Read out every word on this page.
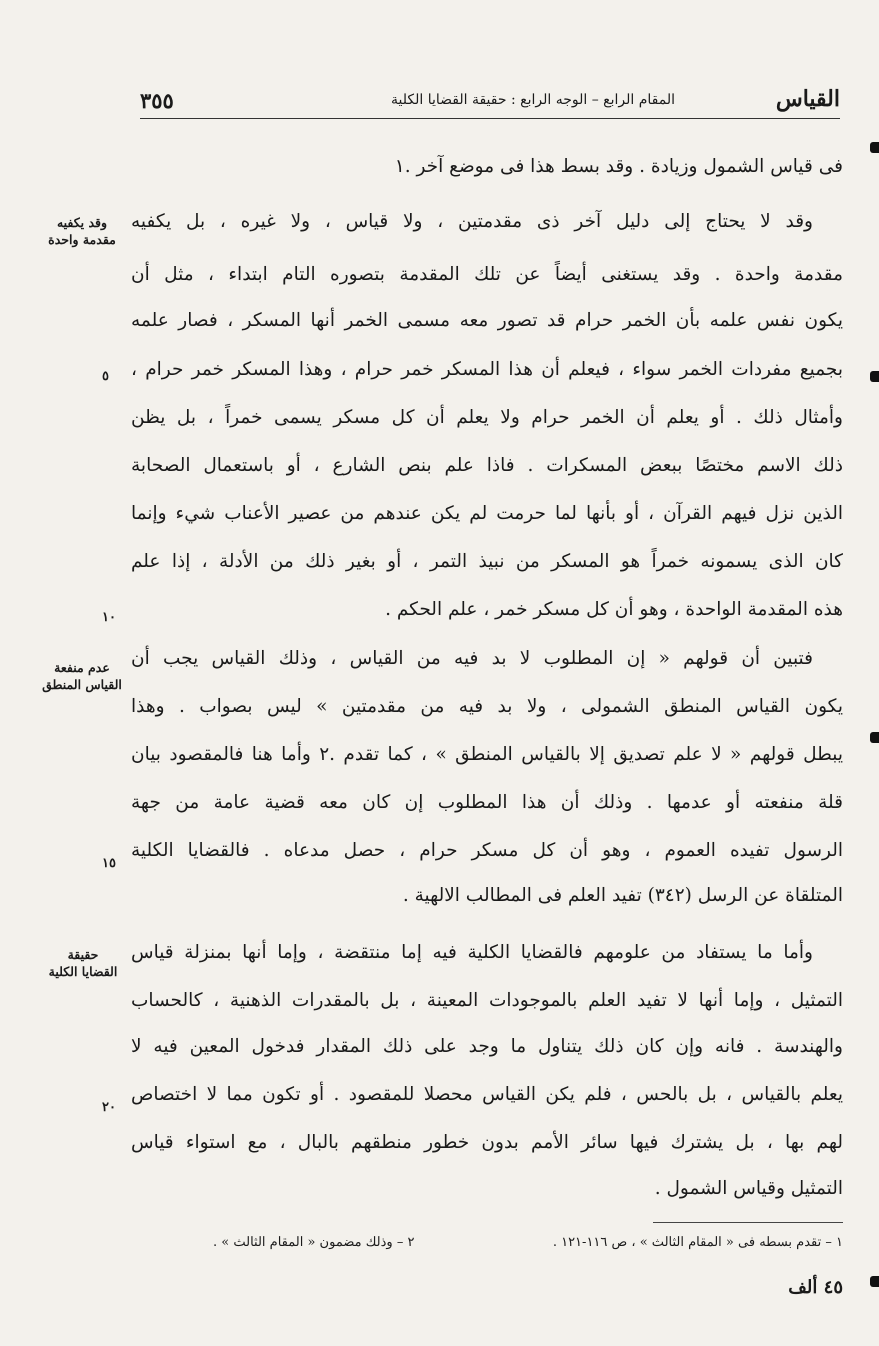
القياس
المقام الرابع – الوجه الرابع : حقيقة القضايا الكلية
٣٥٥
فى قياس الشمول وزيادة . وقد بسط هذا فى موضع آخر .١
وقد لا يحتاج إلى دليل آخر ذى مقدمتين ، ولا قياس ، ولا غيره ، بل يكفيه
مقدمة واحدة . وقد يستغنى أيضاً عن تلك المقدمة بتصوره التام ابتداء ، مثل أن
يكون نفس علمه بأن الخمر حرام قد تصور معه مسمى الخمر أنها المسكر ، فصار علمه
بجميع مفردات الخمر سواء ، فيعلم أن هذا المسكر خمر حرام ، وهذا المسكر خمر حرام ،
وأمثال ذلك . أو يعلم أن الخمر حرام ولا يعلم أن كل مسكر يسمى خمراً ، بل يظن
ذلك الاسم مختصًا ببعض المسكرات . فاذا علم بنص الشارع ، أو باستعمال الصحابة
الذين نزل فيهم القرآن ، أو بأنها لما حرمت لم يكن عندهم من عصير الأعناب شيء وإنما
كان الذى يسمونه خمراً هو المسكر من نبيذ التمر ، أو بغير ذلك من الأدلة ، إذا علم
هذه المقدمة الواحدة ، وهو أن كل مسكر خمر ، علم الحكم .
فتبين أن قولهم « إن المطلوب لا بد فيه من القياس ، وذلك القياس يجب أن
يكون القياس المنطق الشمولى ، ولا بد فيه من مقدمتين » ليس بصواب . وهذا
يبطل قولهم « لا علم تصديق إلا بالقياس المنطق » ، كما تقدم .٢ وأما هنا فالمقصود بيان
قلة منفعته أو عدمها . وذلك أن هذا المطلوب إن كان معه قضية عامة من جهة
الرسول تفيده العموم ، وهو أن كل مسكر حرام ، حصل مدعاه . فالقضايا الكلية
المتلقاة عن الرسل (٣٤٢) تفيد العلم فى المطالب الالهية .
وأما ما يستفاد من علومهم فالقضايا الكلية فيه إما منتقضة ، وإما أنها بمنزلة قياس
التمثيل ، وإما أنها لا تفيد العلم بالموجودات المعينة ، بل بالمقدرات الذهنية ، كالحساب
والهندسة . فانه وإن كان ذلك يتناول ما وجد على ذلك المقدار فدخول المعين فيه لا
يعلم بالقياس ، بل بالحس ، فلم يكن القياس محصلا للمقصود . أو تكون مما لا اختصاص
لهم بها ، بل يشترك فيها سائر الأمم بدون خطور منطقهم بالبال ، مع استواء قياس
التمثيل وقياس الشمول .
وقد يكفيه مقدمة واحدة
عدم منفعة القياس المنطق
حقيقة القضايا الكلية
٥
١٠
١٥
٢٠
١ – تقدم بسطه فى « المقام الثالث » ، ص ١١٦-١٢١ .
٢ – وذلك مضمون « المقام الثالث » .
٤٥ ألف
